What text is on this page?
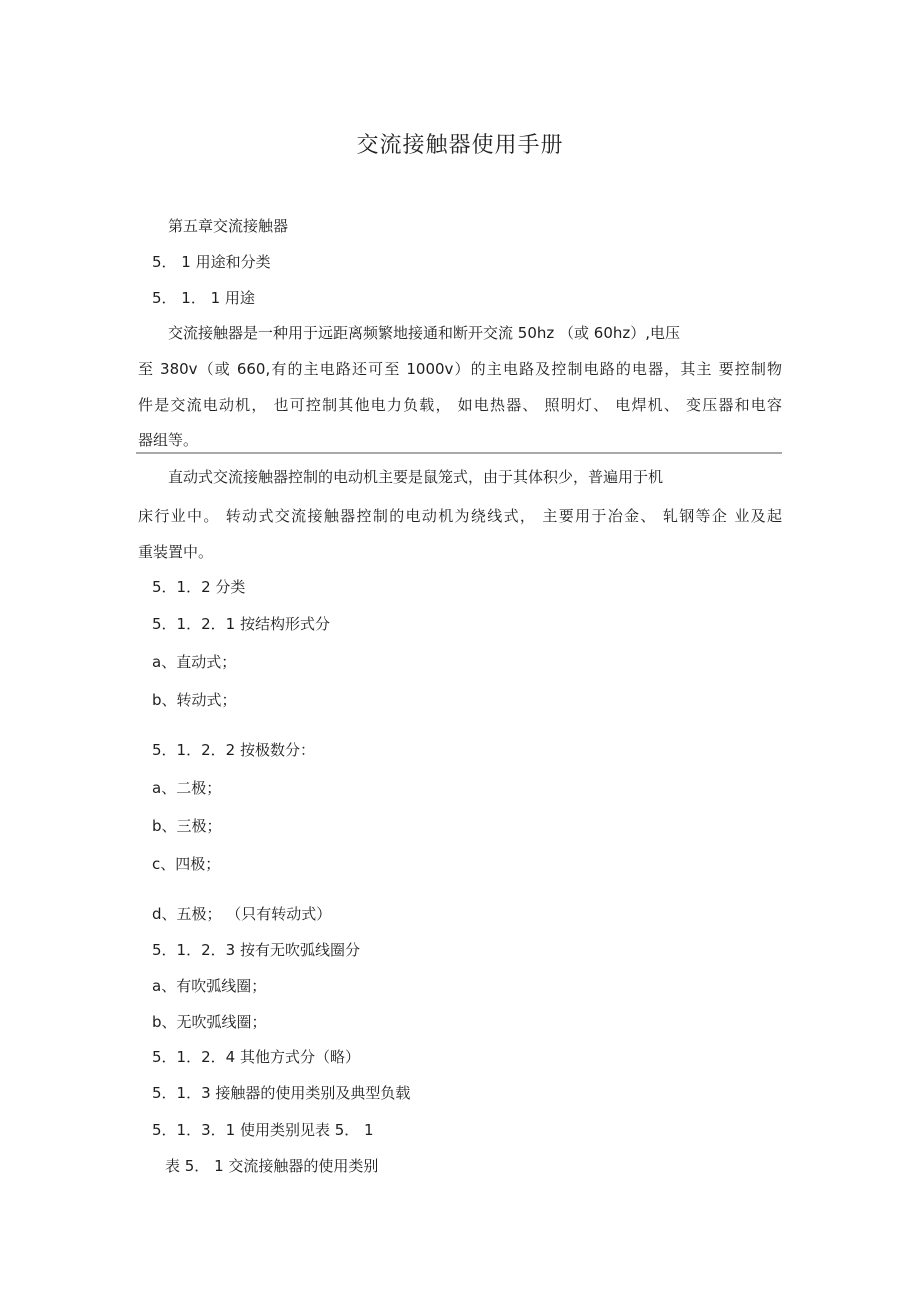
交流接触器使用手册
第五章交流接触器
5． 1 用途和分类
5． 1． 1 用途
交流接触器是一种用于远距离频繁地接通和断开交流 50hz （或 60hz）,电压
至 380v（或 660,有的主电路还可至 1000v）的主电路及控制电路的电器，其主 要控制物
件是交流电动机， 也可控制其他电力负载， 如电热器、 照明灯、 电焊机、 变压器和电容
器组等。
直动式交流接触器控制的电动机主要是鼠笼式，由于其体积少，普遍用于机
床行业中。 转动式交流接触器控制的电动机为绕线式， 主要用于冶金、 轧钢等企 业及起
重装置中。
5．1．2 分类
5．1．2．1 按结构形式分
a、直动式；
b、转动式；
5．1．2．2 按极数分：
a、二极；
b、三极；
c、四极；
d、五极； （只有转动式）
5．1．2．3 按有无吹弧线圈分
a、有吹弧线圈；
b、无吹弧线圈；
5．1．2．4 其他方式分（略）
5．1．3 接触器的使用类别及典型负载
5．1．3．1 使用类别见表 5． 1
表 5． 1 交流接触器的使用类别
